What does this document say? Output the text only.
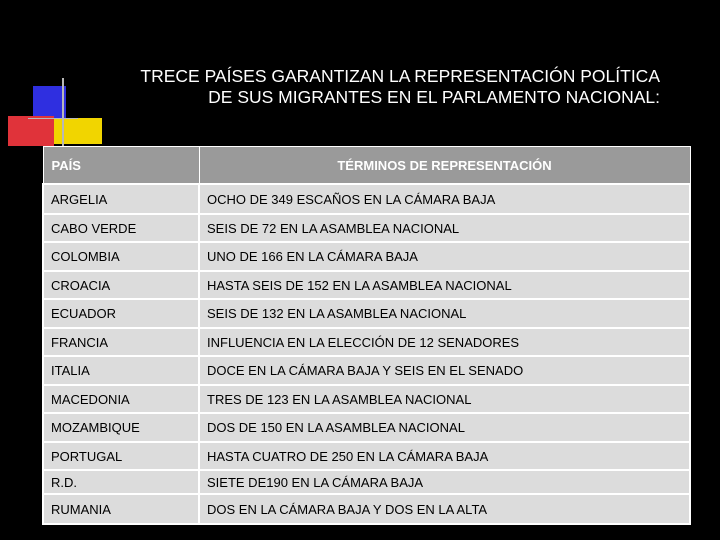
TRECE PAÍSES GARANTIZAN LA REPRESENTACIÓN POLÍTICA
DE SUS MIGRANTES EN EL PARLAMENTO NACIONAL:
PAÍS	TÉRMINOS DE REPRESENTACIÓN
ARGELIA	OCHO DE 349 ESCAÑOS EN LA CÁMARA BAJA
CABO VERDE	SEIS DE 72 EN LA ASAMBLEA NACIONAL
COLOMBIA	UNO DE 166 EN LA CÁMARA BAJA
CROACIA	HASTA SEIS DE 152 EN LA ASAMBLEA NACIONAL
ECUADOR	SEIS DE 132 EN LA ASAMBLEA NACIONAL
FRANCIA	INFLUENCIA EN LA ELECCIÓN DE 12 SENADORES
ITALIA	DOCE EN LA CÁMARA BAJA Y SEIS EN EL SENADO
MACEDONIA	TRES DE 123 EN LA ASAMBLEA NACIONAL
MOZAMBIQUE	DOS DE 150 EN LA ASAMBLEA NACIONAL
PORTUGAL	HASTA CUATRO DE 250 EN LA CÁMARA BAJA
R.D.	SIETE DE190 EN LA CÁMARA BAJA
RUMANIA	DOS EN LA CÁMARA BAJA Y DOS EN LA ALTA
